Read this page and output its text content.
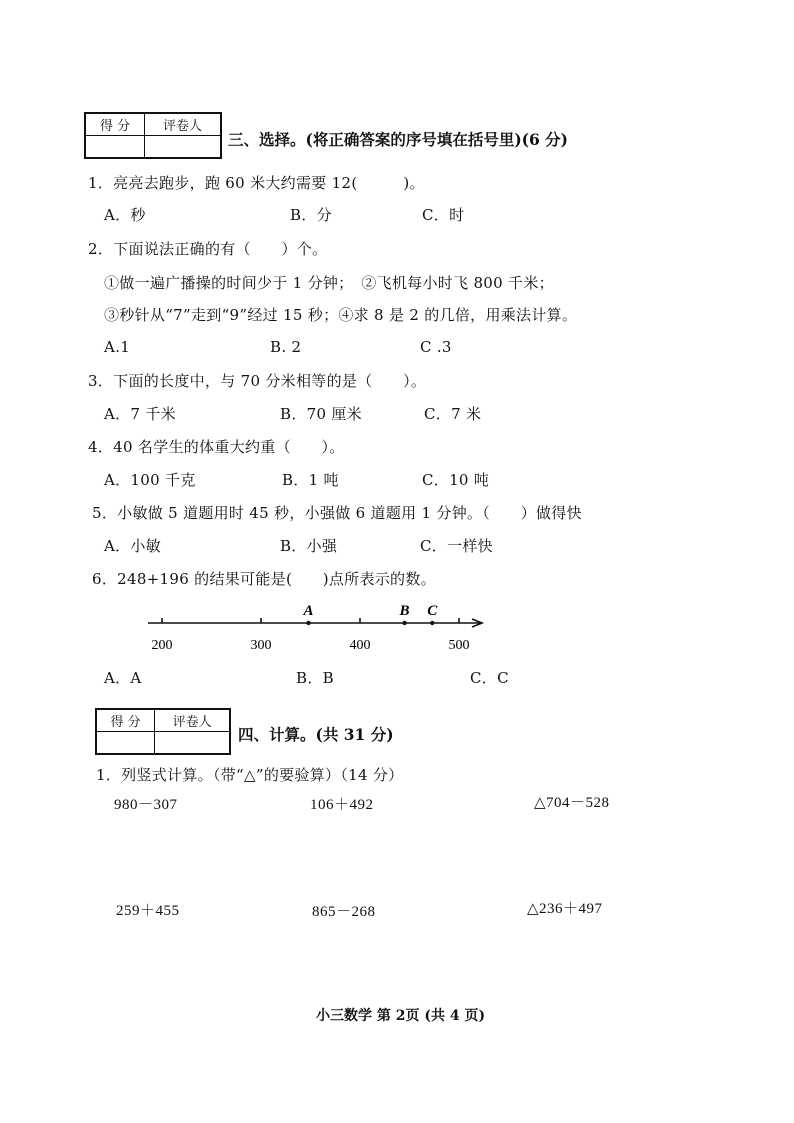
得 分	评卷人

三、选择。(将正确答案的序号填在括号里)(6 分)
1．亮亮去跑步，跑 60 米大约需要 12(　　　)。
A．秒	B．分	C．时
2．下面说法正确的有（　　）个。
①做一遍广播操的时间少于 1 分钟；　②飞机每小时飞 800 千米；
③秒针从“7”走到“9”经过 15 秒；④求 8 是 2 的几倍，用乘法计算。
A.1	B. 2	C .3
3．下面的长度中，与 70 分米相等的是（　　）。
A．7 千米	B．70 厘米	C．7 米
4．40 名学生的体重大约重（　　）。
A．100 千克	B．1 吨	C．10 吨
5．小敏做 5 道题用时 45 秒，小强做 6 道题用 1 分钟。（　　）做得快
A．小敏	B．小强	C．一样快
6．248+196 的结果可能是(　　)点所表示的数。
200	300	400	500
A	B C
A．A	B．B	C．C
得 分	评卷人

四、计算。(共 31 分)
1．列竖式计算。（带“△”的要验算）（14 分）
980－307	106＋492	△704－528
259＋455	865－268	△236＋497
小三数学 第 2页 (共 4 页)
